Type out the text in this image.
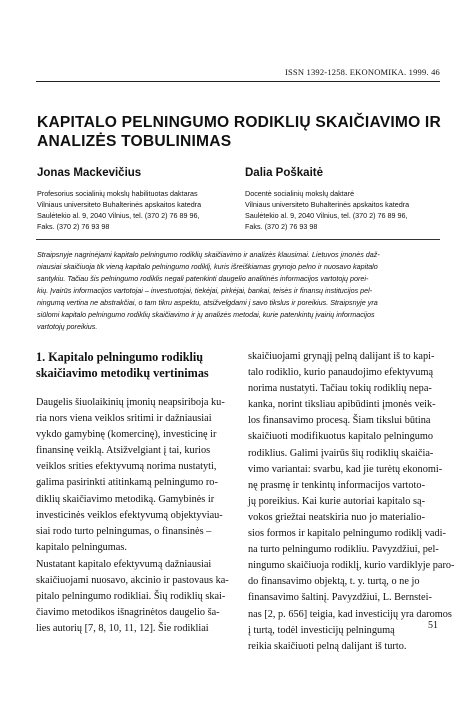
ISSN 1392-1258. EKONOMIKA. 1999. 46
KAPITALO PELNINGUMO RODIKLIŲ SKAIČIAVIMO IR
ANALIZĖS TOBULINIMAS
Jonas Mackevičius
Profesorius socialinių mokslų habilituotas daktaras
Vilniaus universiteto Buhalterinės apskaitos katedra
Saulėtekio al. 9, 2040 Vilnius, tel. (370 2) 76 89 96,
Faks. (370 2) 76 93 98
Dalia Poškaitė
Docentė socialinių mokslų daktarė
Vilniaus universiteto Buhalterinės apskaitos katedra
Saulėtekio al. 9, 2040 Vilnius, tel. (370 2) 76 89 96,
Faks. (370 2) 76 93 98
Straipsnyje nagrinėjami kapitalo pelningumo rodiklių skaičiavimo ir analizės klausimai. Lietuvos įmonės daž-
niausiai skaičiuoja tik vieną kapitalo pelningumo rodiklį, kuris išreiškiamas grynojo pelno ir nuosavo kapitalo
santykiu. Tačiau šis pelningumo rodiklis negali patenkinti daugelio analitinės informacijos vartotojų porei-
kių. Įvairūs informacijos vartotojai – investuotojai, tiekėjai, pirkėjai, bankai, teisės ir finansų institucijos pel-
ningumą vertina ne abstrakčiai, o tam tikru aspektu, atsižvelgdami į savo tikslus ir poreikius. Straipsnyje yra
siūlomi kapitalo pelningumo rodiklių skaičiavimo ir jų analizės metodai, kurie patenkintų įvairių informacijos
vartotojų poreikius.
1. Kapitalo pelningumo rodiklių
skaičiavimo metodikų vertinimas
Daugelis šiuolaikinių įmonių neapsiriboja ku-
ria nors viena veiklos sritimi ir dažniausiai
vykdo gamybinę (komercinę), investicinę ir
finansinę veiklą. Atsižvelgiant į tai, kurios
veiklos srities efektyvumą norima nustatyti,
galima pasirinkti atitinkamą pelningumo ro-
diklių skaičiavimo metodiką. Gamybinės ir
investicinės veiklos efektyvumą objektyviau-
siai rodo turto pelningumas, o finansinės –
kapitalo pelningumas.
Nustatant kapitalo efektyvumą dažniausiai
skaičiuojami nuosavo, akcinio ir pastovaus ka-
pitalo pelningumo rodikliai. Šių rodiklių skai-
čiavimo metodikos išnagrinėtos daugelio ša-
lies autorių [7, 8, 10, 11, 12]. Šie rodikliai
skaičiuojami grynąjį pelną dalijant iš to kapi-
talo rodiklio, kurio panaudojimo efektyvumą
norima nustatyti. Tačiau tokių rodiklių nepa-
kanka, norint tiksliau apibūdinti įmonės veik-
los finansavimo procesą. Šiam tikslui būtina
skaičiuoti modifikuotus kapitalo pelningumo
rodiklius. Galimi įvairūs šių rodiklių skaičia-
vimo variantai: svarbu, kad jie turėtų ekonomi-
nę prasmę ir tenkintų informacijos vartoto-
jų poreikius. Kai kurie autoriai kapitalo są-
vokos griežtai neatskiria nuo jo materialio-
sios formos ir kapitalo pelningumo rodiklį vadi-
na turto pelningumo rodikliu. Pavyzdžiui, pel-
ningumo skaičiuoja rodiklį, kurio vardiklyje paro-
do finansavimo objektą, t. y. turtą, o ne jo
finansavimo šaltinį. Pavyzdžiui, L. Bernstei-
nas [2, p. 656] teigia, kad investicijų yra daromos
į turtą, todėl investicijų pelningumą
reikia skaičiuoti pelną dalijant iš turto.
51
